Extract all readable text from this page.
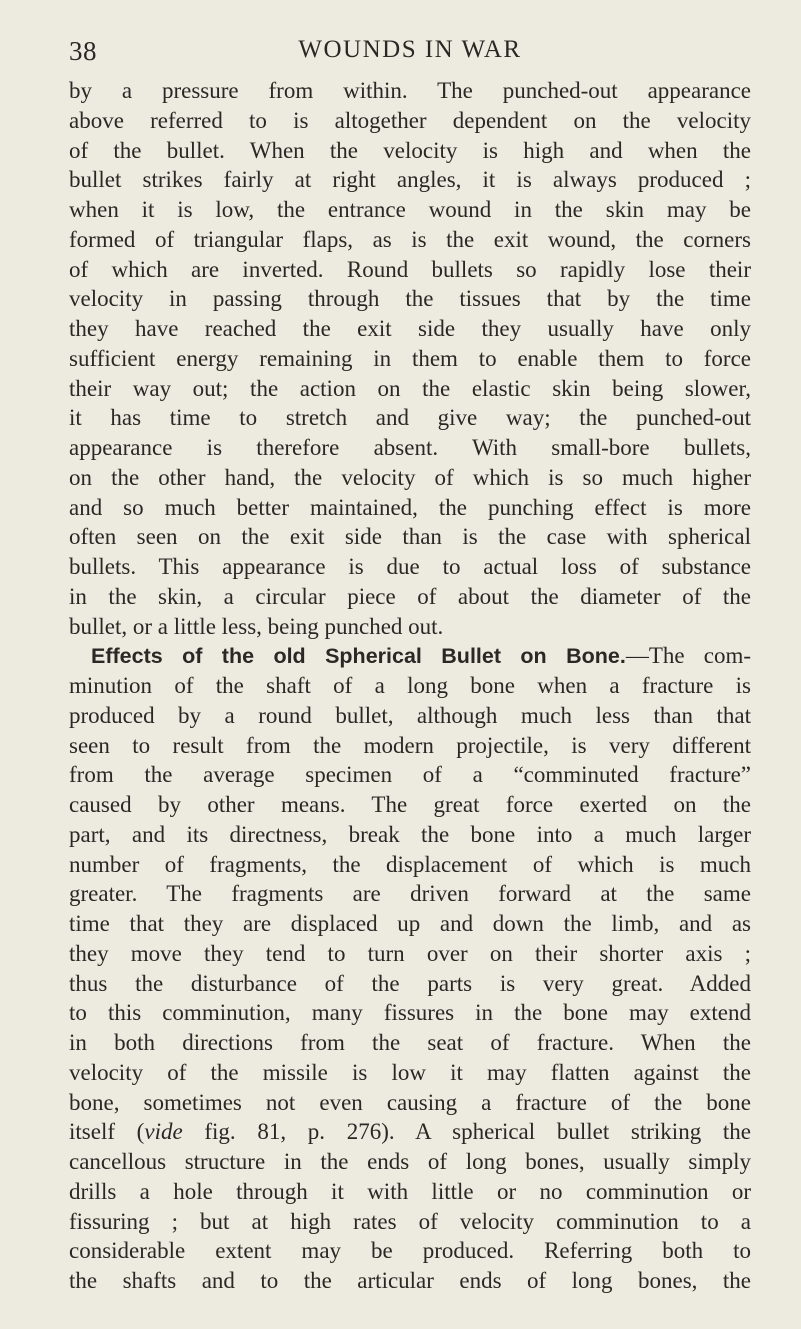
38	WOUNDS IN WAR
by a pressure from within. The punched-out appearance
above referred to is altogether dependent on the velocity
of the bullet. When the velocity is high and when the
bullet strikes fairly at right angles, it is always produced ;
when it is low, the entrance wound in the skin may be
formed of triangular flaps, as is the exit wound, the corners
of which are inverted. Round bullets so rapidly lose their
velocity in passing through the tissues that by the time
they have reached the exit side they usually have only
sufficient energy remaining in them to enable them to force
their way out; the action on the elastic skin being slower,
it has time to stretch and give way; the punched-out
appearance is therefore absent. With small-bore bullets,
on the other hand, the velocity of which is so much higher
and so much better maintained, the punching effect is more
often seen on the exit side than is the case with spherical
bullets. This appearance is due to actual loss of substance
in the skin, a circular piece of about the diameter of the
bullet, or a little less, being punched out.
Effects of the old Spherical Bullet on Bone.—The com-
minution of the shaft of a long bone when a fracture is
produced by a round bullet, although much less than that
seen to result from the modern projectile, is very different
from the average specimen of a “comminuted fracture”
caused by other means. The great force exerted on the
part, and its directness, break the bone into a much larger
number of fragments, the displacement of which is much
greater. The fragments are driven forward at the same
time that they are displaced up and down the limb, and as
they move they tend to turn over on their shorter axis ;
thus the disturbance of the parts is very great. Added
to this comminution, many fissures in the bone may extend
in both directions from the seat of fracture. When the
velocity of the missile is low it may flatten against the
bone, sometimes not even causing a fracture of the bone
itself (vide fig. 81, p. 276). A spherical bullet striking the
cancellous structure in the ends of long bones, usually simply
drills a hole through it with little or no comminution or
fissuring ; but at high rates of velocity comminution to a
considerable extent may be produced. Referring both to
the shafts and to the articular ends of long bones, the
